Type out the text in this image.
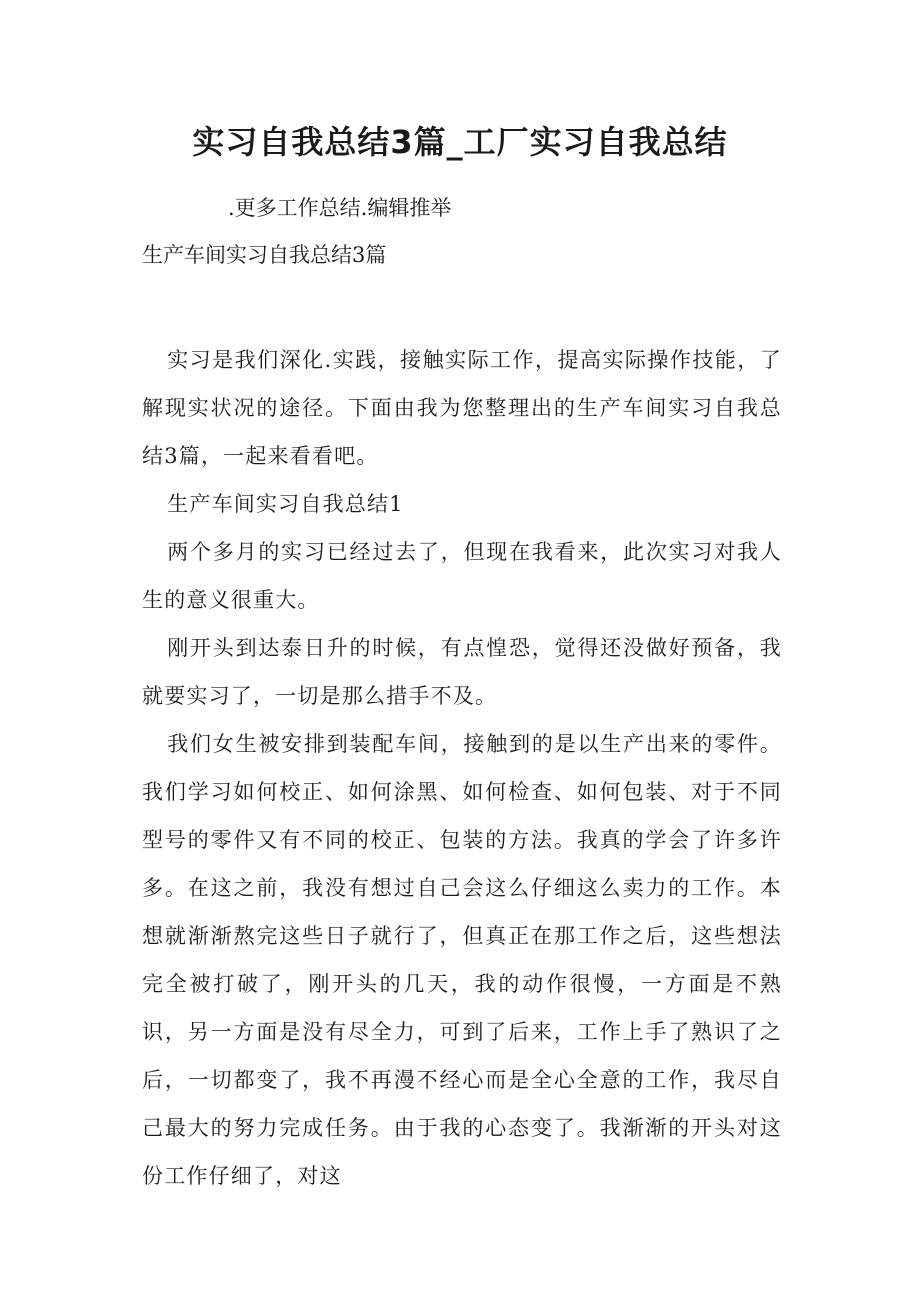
实习自我总结3篇_工厂实习自我总结

.更多工作总结.编辑推举

生产车间实习自我总结3篇

实习是我们深化.实践，接触实际工作，提高实际操作技能，了解现实状况的途径。下面由我为您整理出的生产车间实习自我总结3篇，一起来看看吧。

生产车间实习自我总结1

两个多月的实习已经过去了，但现在我看来，此次实习对我人生的意义很重大。

刚开头到达泰日升的时候，有点惶恐，觉得还没做好预备，我就要实习了，一切是那么措手不及。

我们女生被安排到装配车间，接触到的是以生产出来的零件。我们学习如何校正、如何涂黑、如何检查、如何包装、对于不同型号的零件又有不同的校正、包装的方法。我真的学会了许多许多。在这之前，我没有想过自己会这么仔细这么卖力的工作。本想就渐渐熬完这些日子就行了，但真正在那工作之后，这些想法完全被打破了，刚开头的几天，我的动作很慢，一方面是不熟识，另一方面是没有尽全力，可到了后来，工作上手了熟识了之后，一切都变了，我不再漫不经心而是全心全意的工作，我尽自己最大的努力完成任务。由于我的心态变了。我渐渐的开头对这份工作仔细了，对这
